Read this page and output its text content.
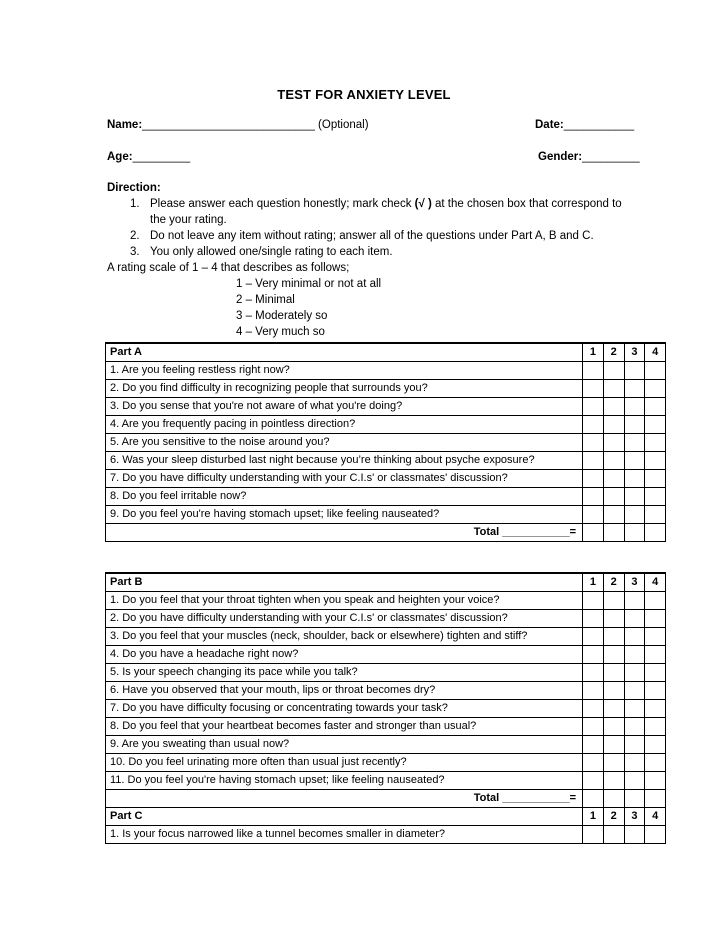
TEST FOR ANXIETY LEVEL
Name:___________________________ (Optional)	Date:___________
Age:_________	Gender:_________
Direction:
1. Please answer each question honestly; mark check (√ ) at the chosen box that correspond to
the your rating.
2. Do not leave any item without rating; answer all of the questions under Part A, B and C.
3. You only allowed one/single rating to each item.
A rating scale of 1 – 4 that describes as follows;
1 – Very minimal or not at all
2 – Minimal
3 – Moderately so
4 – Very much so
Part A	1	2	3	4
1. Are you feeling restless right now?				
2. Do you find difficulty in recognizing people that surrounds you?				
3. Do you sense that you're not aware of what you're doing?				
4. Are you frequently pacing in pointless direction?				
5. Are you sensitive to the noise around you?				
6. Was your sleep disturbed last night because you’re thinking about psyche exposure?				
7. Do you have difficulty understanding with your C.I.s' or classmates' discussion?				
8. Do you feel irritable now?				
9. Do you feel you're having stomach upset; like feeling nauseated?				
Total ___________=				
Part B	1	2	3	4
1. Do you feel that your throat tighten when you speak and heighten your voice?				
2. Do you have difficulty understanding with your C.I.s' or classmates' discussion?				
3. Do you feel that your muscles (neck, shoulder, back or elsewhere) tighten and stiff?				
4. Do you have a headache right now?				
5. Is your speech changing its pace while you talk?				
6. Have you observed that your mouth, lips or throat becomes dry?				
7. Do you have difficulty focusing or concentrating towards your task?				
8. Do you feel that your heartbeat becomes faster and stronger than usual?				
9. Are you sweating than usual now?				
10. Do you feel urinating more often than usual just recently?				
11. Do you feel you're having stomach upset; like feeling nauseated?				
Total ___________=				
Part C	1	2	3	4
1. Is your focus narrowed like a tunnel becomes smaller in diameter?				
